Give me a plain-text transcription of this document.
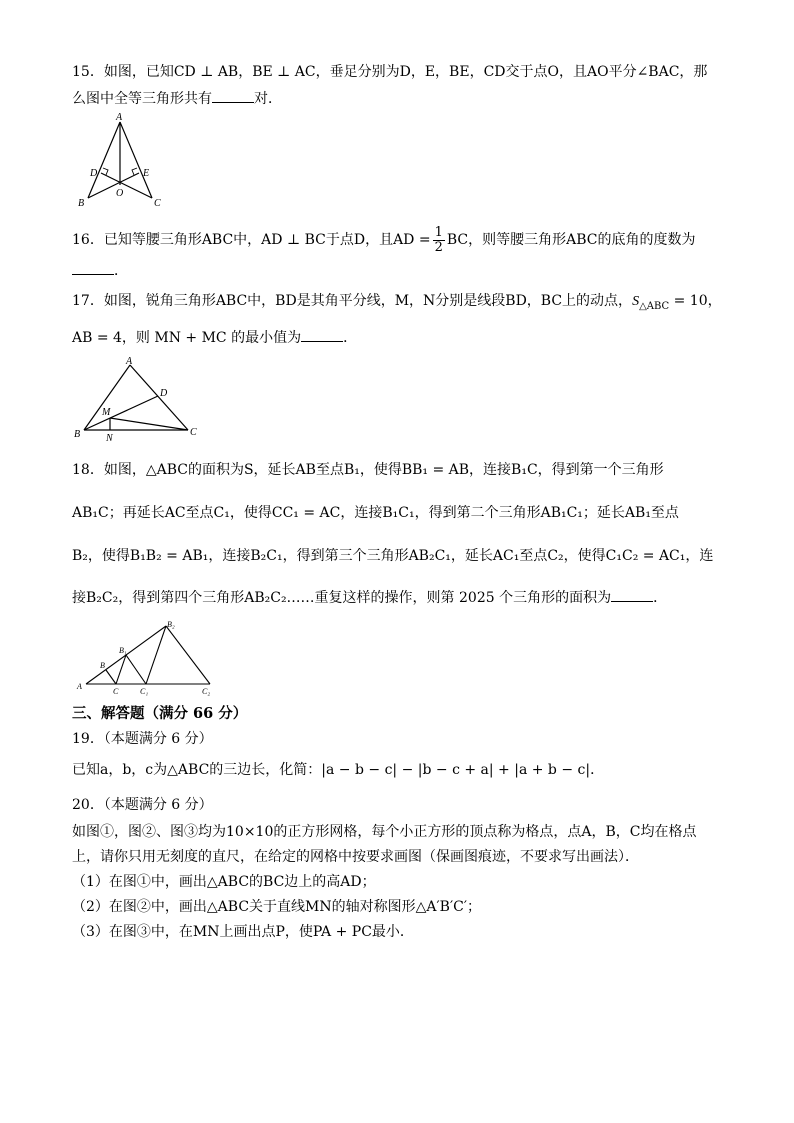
15．如图，已知CD ⊥ AB，BE ⊥ AC，垂足分别为D，E，BE，CD交于点O，且AO平分∠BAC，那
么图中全等三角形共有	对．
A
D	E
O
B	C
16．已知等腰三角形ABC中，AD ⊥ BC于点D，且AD = $\frac{1}{2}$ BC，则等腰三角形ABC的底角的度数为
．
17．如图，锐角三角形ABC中，BD是其角平分线，M，N分别是线段BD，BC上的动点，$S_{\triangle ABC} = 10$，
AB = 4，则 MN + MC 的最小值为	．
A
D
M
B	N
C
18．如图，△ABC的面积为S，延长AB至点B₁，使得BB₁ = AB，连接B₁C，得到第一个三角形
AB₁C；再延长AC至点C₁，使得CC₁ = AC，连接B₁C₁，得到第二个三角形AB₁C₁；延长AB₁至点
B₂，使得B₁B₂ = AB₁，连接B₂C₁，得到第三个三角形AB₂C₁，延长AC₁至点C₂，使得C₁C₂ = AC₁，连
接B₂C₂，得到第四个三角形AB₂C₂……重复这样的操作，则第 2025 个三角形的面积为	．
A
B
C
B₁
C₁
B₂
C₂
三、解答题（满分 66 分）
19．（本题满分 6 分）
已知a，b，c为△ABC的三边长，化简：|a − b − c| − |b − c + a| + |a + b − c|．
20．（本题满分 6 分）
如图①，图②、图③均为10×10的正方形网格，每个小正方形的顶点称为格点，点A，B，C均在格点
上，请你只用无刻度的直尺，在给定的网格中按要求画图（保画图痕迹，不要求写出画法）．
（1）在图①中，画出△ABC的BC边上的高AD；
（2）在图②中，画出△ABC关于直线MN的轴对称图形△A′B′C′；
（3）在图③中，在MN上画出点P，使PA + PC最小．
